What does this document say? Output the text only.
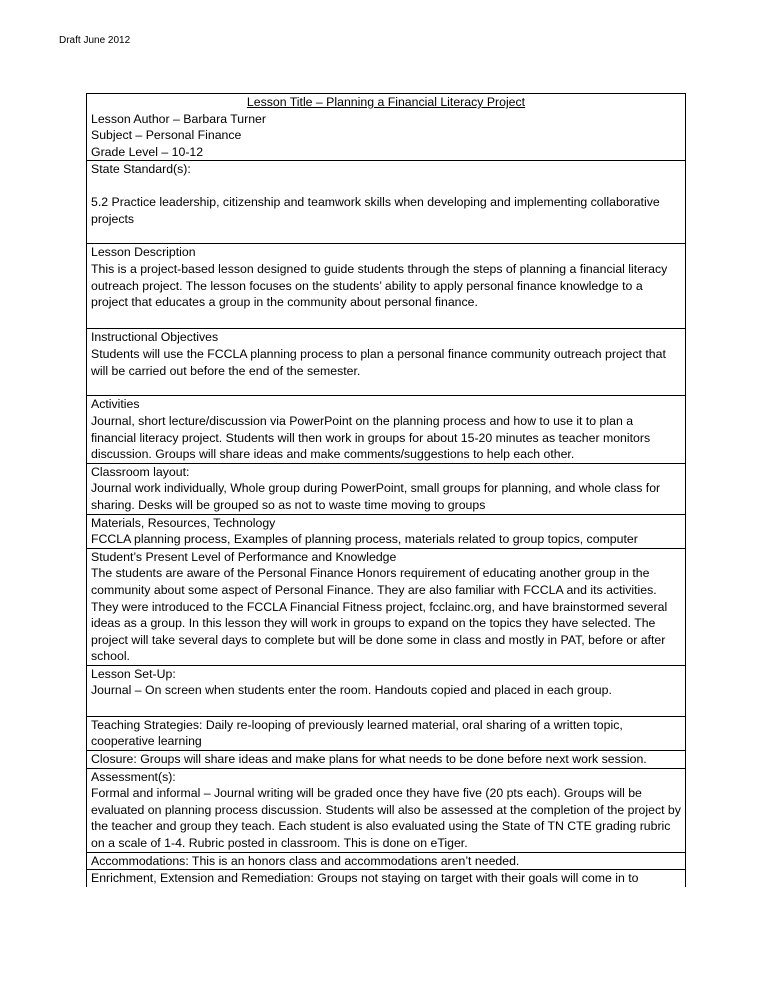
Draft June 2012
Lesson Title – Planning a Financial Literacy Project
Lesson Author – Barbara Turner
Subject – Personal Finance
Grade Level – 10-12

State Standard(s):
5.2 Practice leadership, citizenship and teamwork skills when developing and implementing collaborative projects

Lesson Description
This is a project-based lesson designed to guide students through the steps of planning a financial literacy outreach project. The lesson focuses on the students’ ability to apply personal finance knowledge to a project that educates a group in the community about personal finance.

Instructional Objectives
Students will use the FCCLA planning process to plan a personal finance community outreach project that will be carried out before the end of the semester.

Activities
Journal, short lecture/discussion via PowerPoint on the planning process and how to use it to plan a financial literacy project. Students will then work in groups for about 15-20 minutes as teacher monitors discussion. Groups will share ideas and make comments/suggestions to help each other.

Classroom layout:
Journal work individually, Whole group during PowerPoint, small groups for planning, and whole class for sharing. Desks will be grouped so as not to waste time moving to groups

Materials, Resources, Technology
FCCLA planning process, Examples of planning process, materials related to group topics, computer

Student’s Present Level of Performance and Knowledge
The students are aware of the Personal Finance Honors requirement of educating another group in the community about some aspect of Personal Finance. They are also familiar with FCCLA and its activities. They were introduced to the FCCLA Financial Fitness project, fcclainc.org, and have brainstormed several ideas as a group. In this lesson they will work in groups to expand on the topics they have selected. The project will take several days to complete but will be done some in class and mostly in PAT, before or after school.

Lesson Set-Up:
Journal – On screen when students enter the room. Handouts copied and placed in each group.

Teaching Strategies: Daily re-looping of previously learned material, oral sharing of a written topic, cooperative learning

Closure: Groups will share ideas and make plans for what needs to be done before next work session.

Assessment(s):
Formal and informal – Journal writing will be graded once they have five (20 pts each). Groups will be evaluated on planning process discussion. Students will also be assessed at the completion of the project by the teacher and group they teach. Each student is also evaluated using the State of TN CTE grading rubric on a scale of 1-4. Rubric posted in classroom. This is done on eTiger.

Accommodations: This is an honors class and accommodations aren’t needed.

Enrichment, Extension and Remediation: Groups not staying on target with their goals will come in to
